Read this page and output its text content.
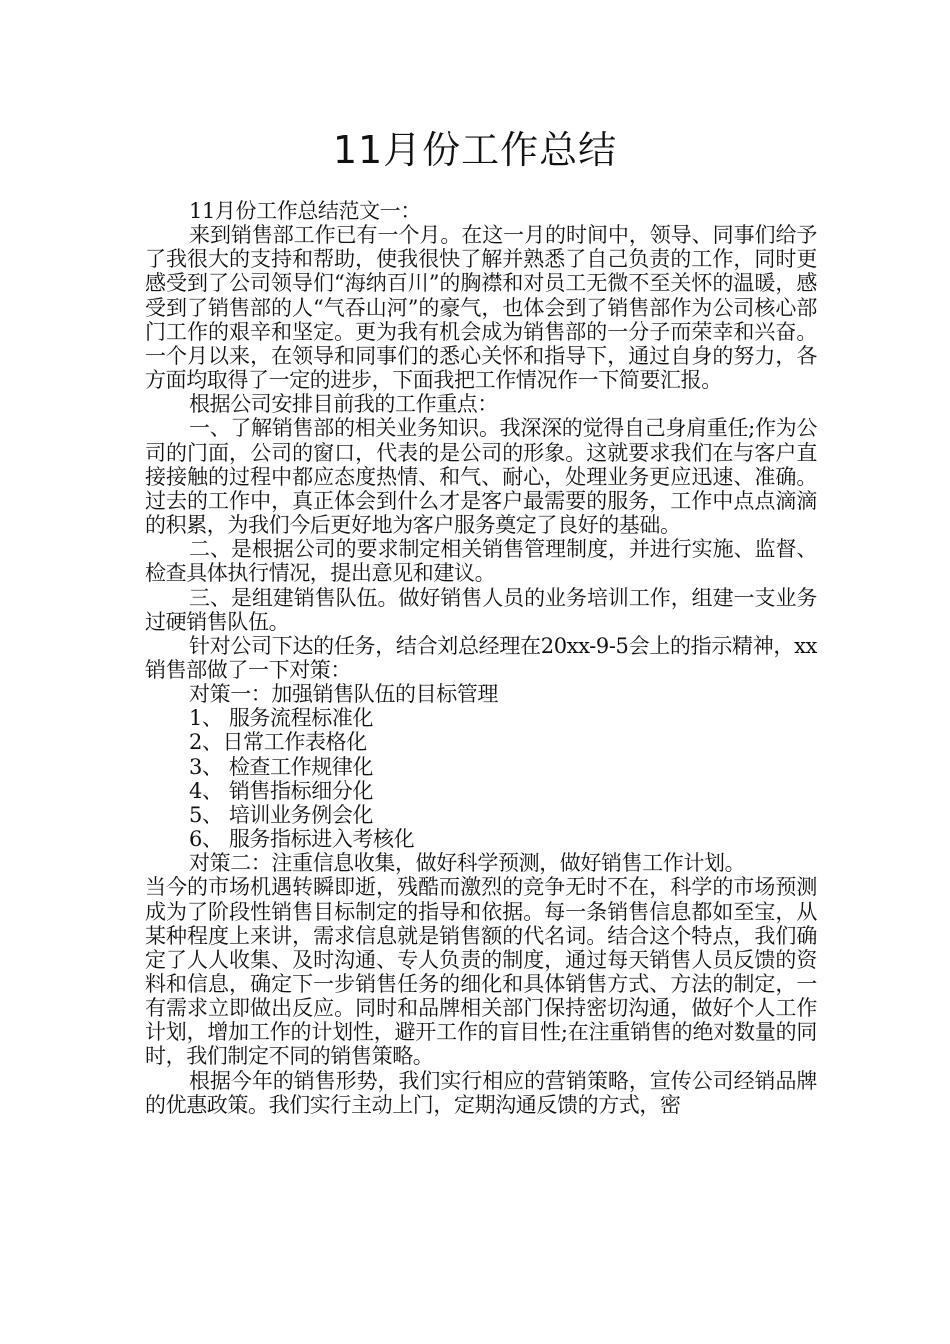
11月份工作总结

11月份工作总结范文一：

来到销售部工作已有一个月。在这一月的时间中，领导、同事们给予了我很大的支持和帮助，使我很快了解并熟悉了自己负责的工作，同时更感受到了公司领导们“海纳百川”的胸襟和对员工无微不至关怀的温暖，感受到了销售部的人“气吞山河”的豪气，也体会到了销售部作为公司核心部门工作的艰辛和坚定。更为我有机会成为销售部的一分子而荣幸和兴奋。一个月以来，在领导和同事们的悉心关怀和指导下，通过自身的努力，各方面均取得了一定的进步，下面我把工作情况作一下简要汇报。

根据公司安排目前我的工作重点：

一、了解销售部的相关业务知识。我深深的觉得自己身肩重任;作为公司的门面，公司的窗口，代表的是公司的形象。这就要求我们在与客户直接接触的过程中都应态度热情、和气、耐心，处理业务更应迅速、准确。过去的工作中，真正体会到什么才是客户最需要的服务，工作中点点滴滴的积累，为我们今后更好地为客户服务奠定了良好的基础。

二、是根据公司的要求制定相关销售管理制度，并进行实施、监督、检查具体执行情况，提出意见和建议。

三、是组建销售队伍。做好销售人员的业务培训工作，组建一支业务过硬销售队伍。

针对公司下达的任务，结合刘总经理在20xx-9-5会上的指示精神，xx销售部做了一下对策：

对策一：加强销售队伍的目标管理

1、 服务流程标准化

2、日常工作表格化

3、 检查工作规律化

4、 销售指标细分化

5、 培训业务例会化

6、 服务指标进入考核化

对策二：注重信息收集，做好科学预测，做好销售工作计划。

当今的市场机遇转瞬即逝，残酷而激烈的竞争无时不在，科学的市场预测成为了阶段性销售目标制定的指导和依据。每一条销售信息都如至宝，从某种程度上来讲，需求信息就是销售额的代名词。结合这个特点，我们确定了人人收集、及时沟通、专人负责的制度，通过每天销售人员反馈的资料和信息，确定下一步销售任务的细化和具体销售方式、方法的制定，一有需求立即做出反应。同时和品牌相关部门保持密切沟通，做好个人工作计划，增加工作的计划性，避开工作的盲目性;在注重销售的绝对数量的同时，我们制定不同的销售策略。

根据今年的销售形势，我们实行相应的营销策略，宣传公司经销品牌的优惠政策。我们实行主动上门，定期沟通反馈的方式，密
